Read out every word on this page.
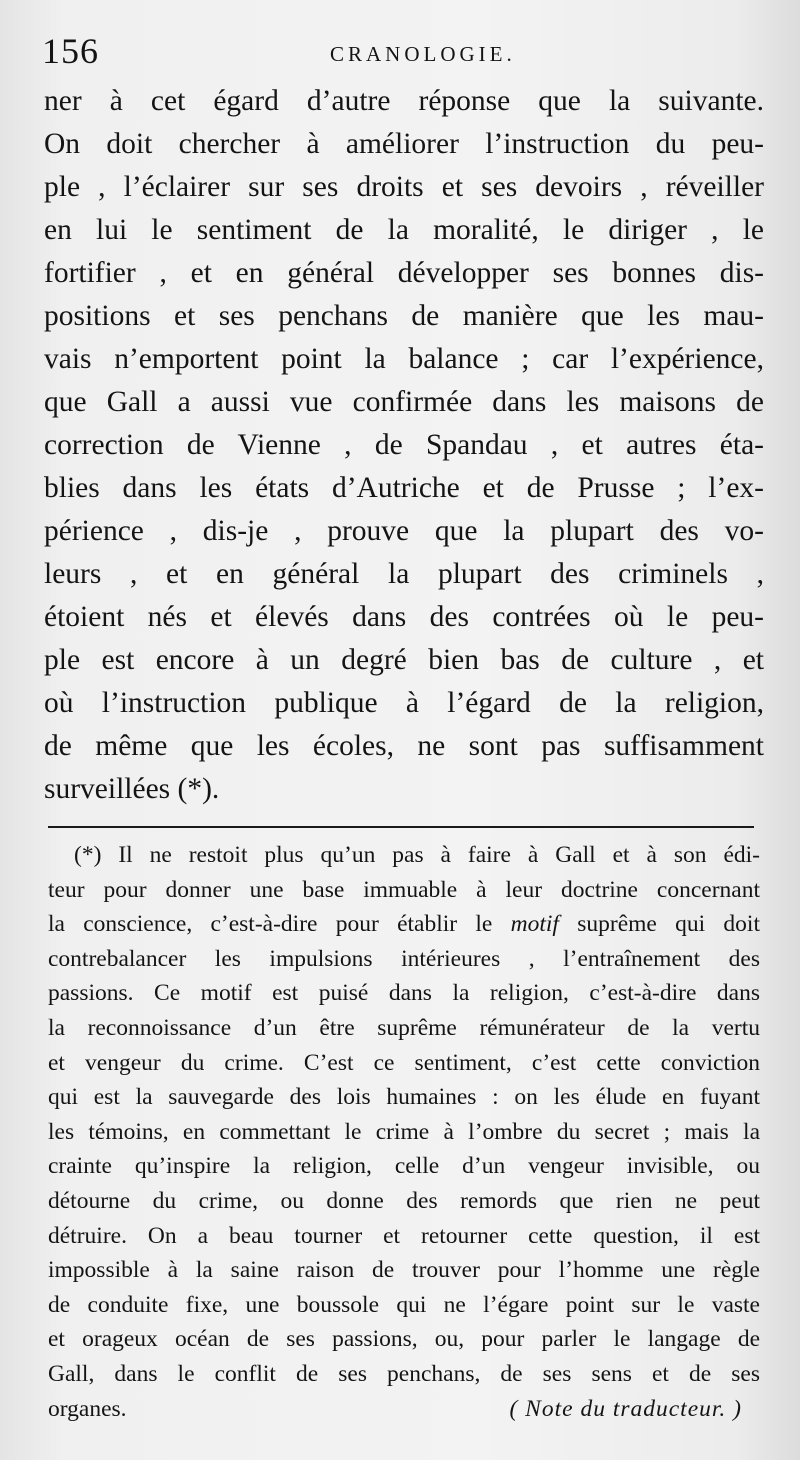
156	CRANOLOGIE.
ner à cet égard d’autre réponse que la suivante.
On doit chercher à améliorer l’instruction du peu-
ple , l’éclairer sur ses droits et ses devoirs , réveiller
en lui le sentiment de la moralité, le diriger , le
fortifier , et en général développer ses bonnes dis-
positions et ses penchans de manière que les mau-
vais n’emportent point la balance ; car l’expérience,
que Gall a aussi vue confirmée dans les maisons de
correction de Vienne , de Spandau , et autres éta-
blies dans les états d’Autriche et de Prusse ; l’ex-
périence , dis-je , prouve que la plupart des vo-
leurs , et en général la plupart des criminels ,
étoient nés et élevés dans des contrées où le peu-
ple est encore à un degré bien bas de culture , et
où l’instruction publique à l’égard de la religion,
de même que les écoles, ne sont pas suffisamment
surveillées (*).
(*) Il ne restoit plus qu’un pas à faire à Gall et à son édi-
teur pour donner une base immuable à leur doctrine concernant
la conscience, c’est-à-dire pour établir le motif suprême qui doit
contrebalancer les impulsions intérieures , l’entraînement des
passions. Ce motif est puisé dans la religion, c’est-à-dire dans
la reconnoissance d’un être suprême rémunérateur de la vertu
et vengeur du crime. C’est ce sentiment, c’est cette conviction
qui est la sauvegarde des lois humaines : on les élude en fuyant
les témoins, en commettant le crime à l’ombre du secret ; mais la
crainte qu’inspire la religion, celle d’un vengeur invisible, ou
détourne du crime, ou donne des remords que rien ne peut
détruire. On a beau tourner et retourner cette question, il est
impossible à la saine raison de trouver pour l’homme une règle
de conduite fixe, une boussole qui ne l’égare point sur le vaste
et orageux océan de ses passions, ou, pour parler le langage de
Gall, dans le conflit de ses penchans, de ses sens et de ses
organes.	( Note du traducteur. )
